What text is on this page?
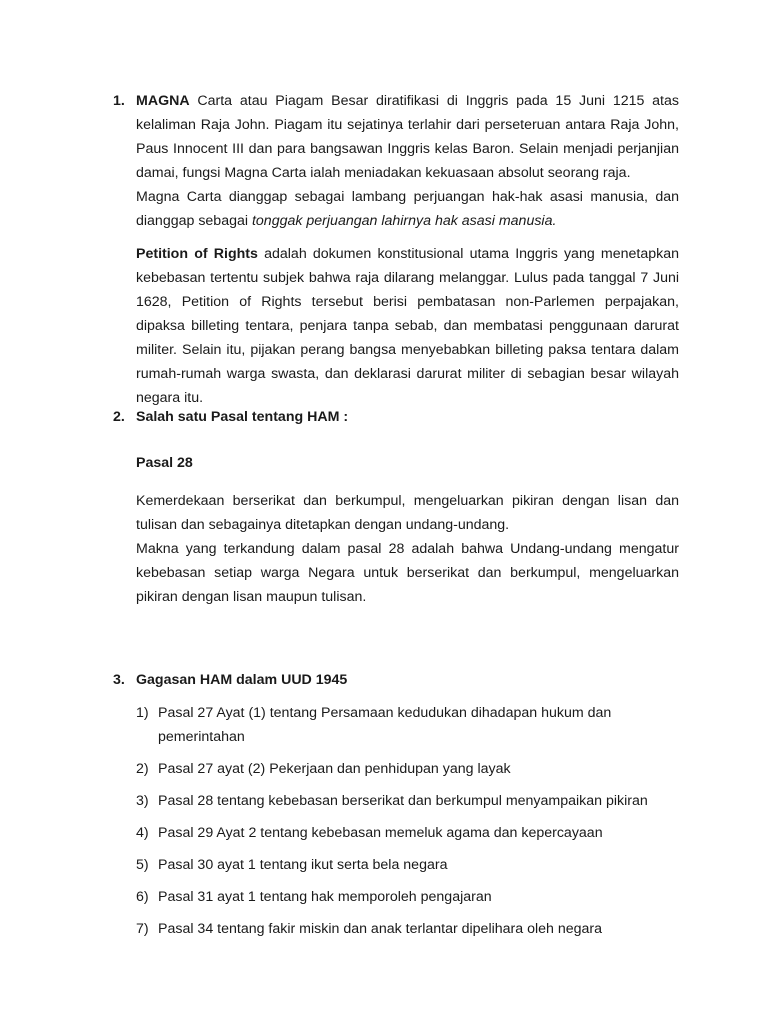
1. MAGNA Carta atau Piagam Besar diratifikasi di Inggris pada 15 Juni 1215 atas kelaliman Raja John. Piagam itu sejatinya terlahir dari perseteruan antara Raja John, Paus Innocent III dan para bangsawan Inggris kelas Baron. Selain menjadi perjanjian damai, fungsi Magna Carta ialah meniadakan kekuasaan absolut seorang raja.

Magna Carta dianggap sebagai lambang perjuangan hak-hak asasi manusia, dan dianggap sebagai tonggak perjuangan lahirnya hak asasi manusia.

Petition of Rights adalah dokumen konstitusional utama Inggris yang menetapkan kebebasan tertentu subjek bahwa raja dilarang melanggar. Lulus pada tanggal 7 Juni 1628, Petition of Rights tersebut berisi pembatasan non-Parlemen perpajakan, dipaksa billeting tentara, penjara tanpa sebab, dan membatasi penggunaan darurat militer. Selain itu, pijakan perang bangsa menyebabkan billeting paksa tentara dalam rumah-rumah warga swasta, dan deklarasi darurat militer di sebagian besar wilayah negara itu.

2. Salah satu Pasal tentang HAM :

Pasal 28

Kemerdekaan berserikat dan berkumpul, mengeluarkan pikiran dengan lisan dan tulisan dan sebagainya ditetapkan dengan undang-undang.

Makna yang terkandung dalam pasal 28 adalah bahwa Undang-undang mengatur kebebasan setiap warga Negara untuk berserikat dan berkumpul, mengeluarkan pikiran dengan lisan maupun tulisan.

3. Gagasan HAM dalam UUD 1945

1) Pasal 27 Ayat (1) tentang Persamaan kedudukan dihadapan hukum dan pemerintahan
2) Pasal 27 ayat (2) Pekerjaan dan penhidupan yang layak
3) Pasal 28 tentang kebebasan berserikat dan berkumpul menyampaikan pikiran
4) Pasal 29 Ayat 2 tentang kebebasan memeluk agama dan kepercayaan
5) Pasal 30 ayat 1 tentang ikut serta bela negara
6) Pasal 31 ayat 1 tentang hak memporoleh pengajaran
7) Pasal 34 tentang fakir miskin dan anak terlantar dipelihara oleh negara
